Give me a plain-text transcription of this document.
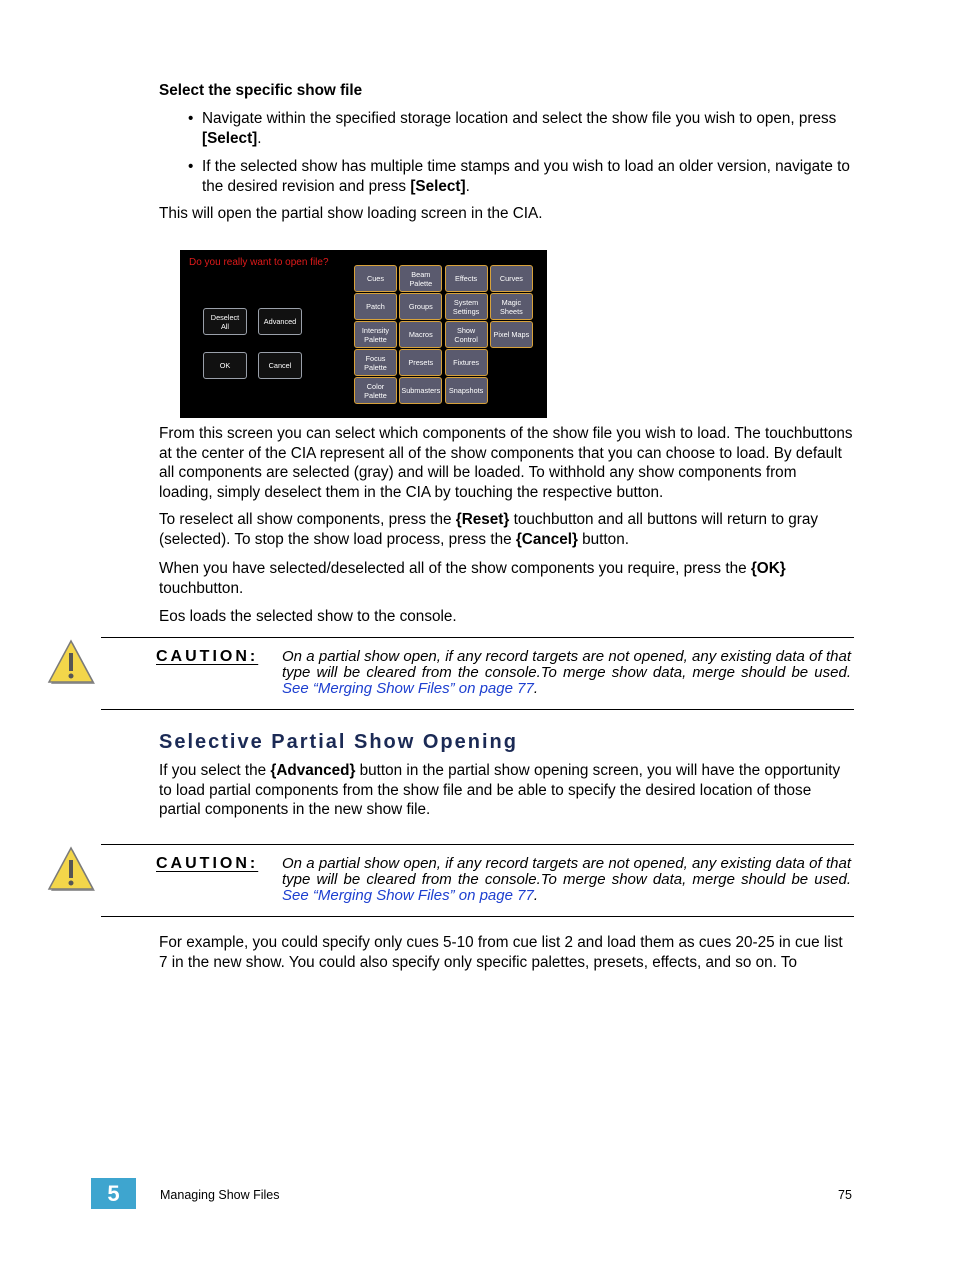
Select the specific show file
• Navigate within the specified storage location and select the show file you wish to open, press [Select].
• If the selected show has multiple time stamps and you wish to load an older version, navigate to the desired revision and press [Select].
This will open the partial show loading screen in the CIA.
Do you really want to open file?
Deselect
All	Advanced
OK	Cancel
Cues	Beam
Palette	Effects	Curves
Patch	Groups	System
Settings
Magic
Sheets
Intensity
Palette	Macros	Show
Control Pixel Maps
Focus
Palette	Presets	Fixtures
Color
Palette Submasters Snapshots
From this screen you can select which components of the show file you wish to load. The touchbuttons at the center of the CIA represent all of the show components that you can choose to load. By default all components are selected (gray) and will be loaded. To withhold any show components from loading, simply deselect them in the CIA by touching the respective button.
To reselect all show components, press the {Reset} touchbutton and all buttons will return to gray (selected). To stop the show load process, press the {Cancel} button.
When you have selected/deselected all of the show components you require, press the {OK} touchbutton.
Eos loads the selected show to the console.
CAUTION: On a partial show open, if any record targets are not opened, any existing data of that type will be cleared from the console.To merge show data, merge should be used. See “Merging Show Files” on page 77.
Selective Partial Show Opening
If you select the {Advanced} button in the partial show opening screen, you will have the opportunity to load partial components from the show file and be able to specify the desired location of those partial components in the new show file.
CAUTION: On a partial show open, if any record targets are not opened, any existing data of that type will be cleared from the console.To merge show data, merge should be used. See “Merging Show Files” on page 77.
For example, you could specify only cues 5-10 from cue list 2 and load them as cues 20-25 in cue list 7 in the new show. You could also specify only specific palettes, presets, effects, and so on. To
5	Managing Show Files	75
